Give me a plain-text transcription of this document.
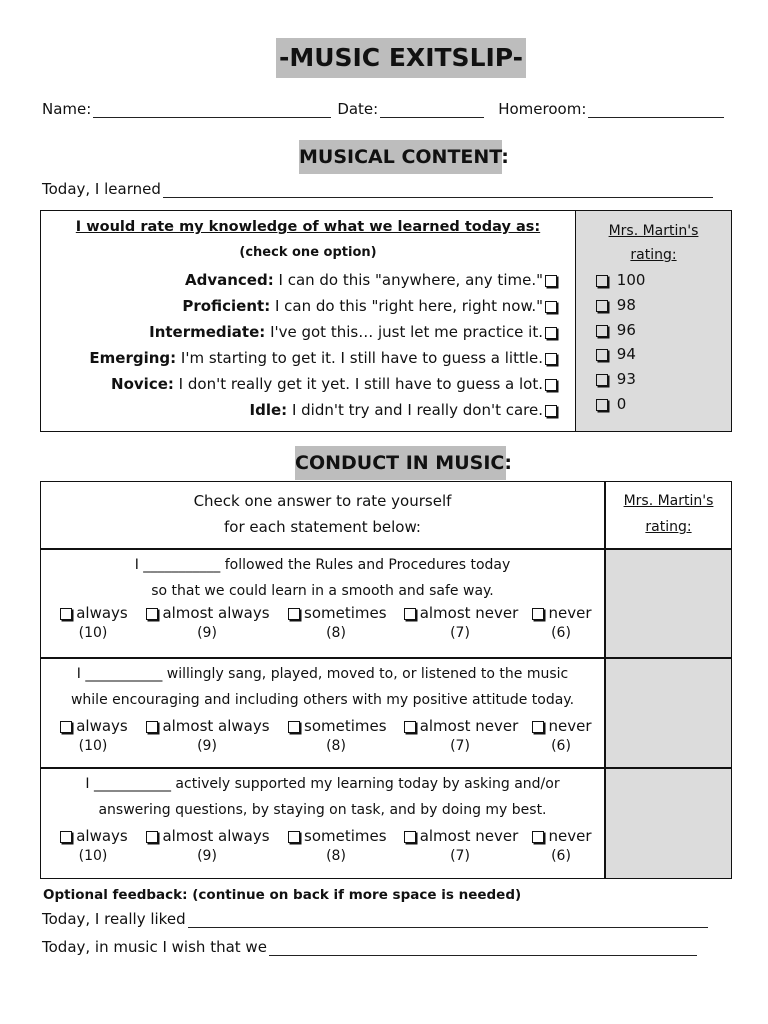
-MUSIC EXITSLIP-
Name:	Date:	Homeroom:
MUSICAL CONTENT:
Today, I learned
I would rate my knowledge of what we learned today as:
(check one option)
Advanced: I can do this "anywhere, any time."
Proficient: I can do this "right here, right now."
Intermediate: I've got this… just let me practice it.
Emerging: I'm starting to get it. I still have to guess a little.
Novice: I don't really get it yet. I still have to guess a lot.
Idle: I didn't try and I really don't care.
Mrs. Martin's
rating:
100
98
96
94
93
0
CONDUCT IN MUSIC:
Check one answer to rate yourself
for each statement below:
Mrs. Martin's
rating:
I ___________ followed the Rules and Procedures today
so that we could learn in a smooth and safe way.
always
(10)
almost always
(9)
sometimes
(8)
almost never
(7)
never
(6)
I ___________ willingly sang, played, moved to, or listened to the music
while encouraging and including others with my positive attitude today.
always
(10)
almost always
(9)
sometimes
(8)
almost never
(7)
never
(6)
I ___________ actively supported my learning today by asking and/or
answering questions, by staying on task, and by doing my best.
always
(10)
almost always
(9)
sometimes
(8)
almost never
(7)
never
(6)
Optional feedback: (continue on back if more space is needed)
Today, I really liked
Today, in music I wish that we
